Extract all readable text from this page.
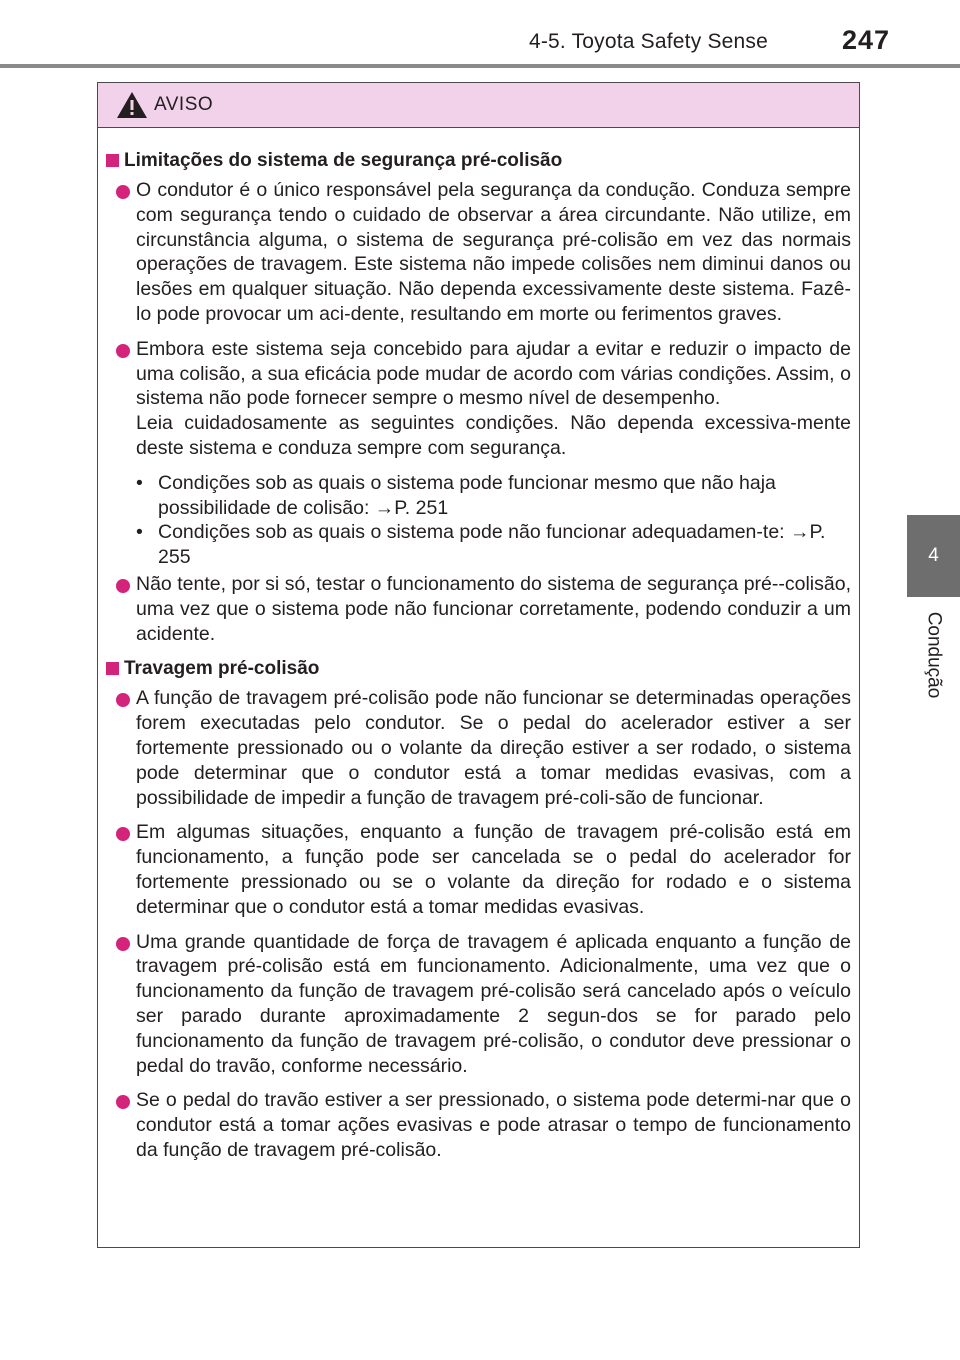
4-5. Toyota Safety Sense	247
4
Condução
AVISO
Limitações do sistema de segurança pré-colisão

O condutor é o único responsável pela segurança da condução. Conduza sempre com segurança tendo o cuidado de observar a área circundante. Não utilize, em circunstância alguma, o sistema de segurança pré-colisão em vez das normais operações de travagem. Este sistema não impede colisões nem diminui danos ou lesões em qualquer situação. Não dependa excessivamente deste sistema. Fazê-lo pode provocar um aci-dente, resultando em morte ou ferimentos graves.

Embora este sistema seja concebido para ajudar a evitar e reduzir o impacto de uma colisão, a sua eficácia pode mudar de acordo com várias condições. Assim, o sistema não pode fornecer sempre o mesmo nível de desempenho.

Leia cuidadosamente as seguintes condições. Não dependa excessiva-mente deste sistema e conduza sempre com segurança.

• Condições sob as quais o sistema pode funcionar mesmo que não haja possibilidade de colisão: →P. 251
• Condições sob as quais o sistema pode não funcionar adequadamen-te: →P. 255

Não tente, por si só, testar o funcionamento do sistema de segurança pré--colisão, uma vez que o sistema pode não funcionar corretamente, podendo conduzir a um acidente.

Travagem pré-colisão

A função de travagem pré-colisão pode não funcionar se determinadas operações forem executadas pelo condutor. Se o pedal do acelerador estiver a ser fortemente pressionado ou o volante da direção estiver a ser rodado, o sistema pode determinar que o condutor está a tomar medidas evasivas, com a possibilidade de impedir a função de travagem pré-coli-são de funcionar.

Em algumas situações, enquanto a função de travagem pré-colisão está em funcionamento, a função pode ser cancelada se o pedal do acelerador for fortemente pressionado ou se o volante da direção for rodado e o sistema determinar que o condutor está a tomar medidas evasivas.

Uma grande quantidade de força de travagem é aplicada enquanto a função de travagem pré-colisão está em funcionamento. Adicionalmente, uma vez que o funcionamento da função de travagem pré-colisão será cancelado após o veículo ser parado durante aproximadamente 2 segun-dos se for parado pelo funcionamento da função de travagem pré-colisão, o condutor deve pressionar o pedal do travão, conforme necessário.

Se o pedal do travão estiver a ser pressionado, o sistema pode determi-nar que o condutor está a tomar ações evasivas e pode atrasar o tempo de funcionamento da função de travagem pré-colisão.
